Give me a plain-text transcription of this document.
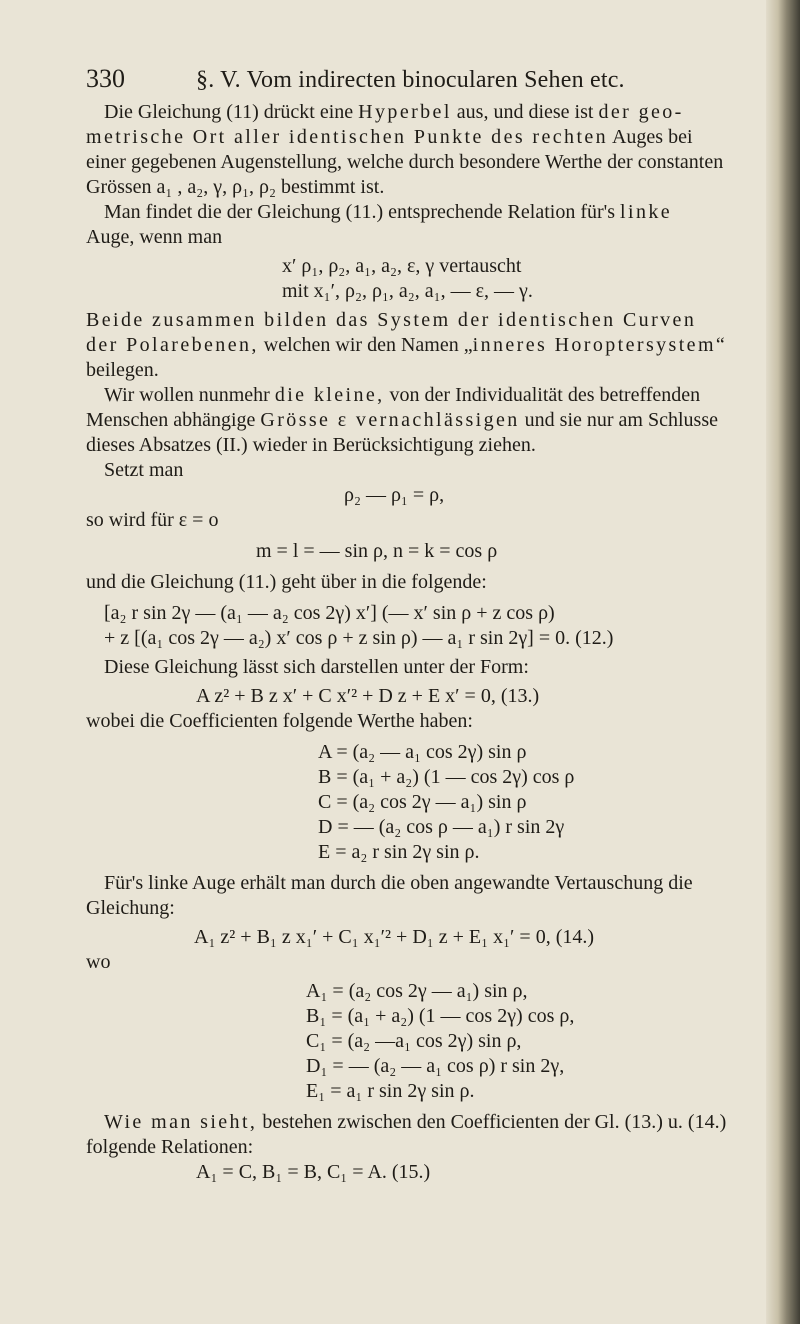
330	§. V. Vom indirecten binocularen Sehen etc.

Die Gleichung (11) drückt eine Hyperbel aus, und diese ist der geo-
metrische Ort aller identischen Punkte des rechten Auges bei
einer gegebenen Augenstellung, welche durch besondere Werthe der constanten
Grössen a₁ , a₂, γ, ρ₁, ρ₂ bestimmt ist.

Man findet die der Gleichung (11.) entsprechende Relation für's linke
Auge, wenn man

x′ ρ₁, ρ₂, a₁, a₂, ε, γ vertauscht

mit x₁′, ρ₂, ρ₁, a₂, a₁, — ε, — γ.

Beide zusammen bilden das System der identischen Curven
der Polarebenen, welchen wir den Namen „inneres Horoptersystem“
beilegen.

Wir wollen nunmehr die kleine, von der Individualität des betreffenden
Menschen abhängige Grösse ε vernachlässigen und sie nur am Schlusse
dieses Absatzes (II.) wieder in Berücksichtigung ziehen.
Setzt man

ρ₂ — ρ₁ = ρ,

so wird für ε = o

m = l = — sin ρ, n = k = cos ρ

und die Gleichung (11.) geht über in die folgende:

[a₂ r sin 2γ — (a₁ — a₂ cos 2γ) x′] (— x′ sin ρ + z cos ρ)

+ z [(a₁ cos 2γ — a₂) x′ cos ρ + z sin ρ) — a₁ r sin 2γ] = 0. (12.)

Diese Gleichung lässt sich darstellen unter der Form:

A z² + B z x′ + C x′² + D z + E x′ = 0, (13.)

wobei die Coefficienten folgende Werthe haben:

A = (a₂ — a₁ cos 2γ) sin ρ

B = (a₁ + a₂) (1 — cos 2γ) cos ρ

C = (a₂ cos 2γ — a₁) sin ρ

D = — (a₂ cos ρ — a₁) r sin 2γ

E = a₂ r sin 2γ sin ρ.

Für's linke Auge erhält man durch die oben angewandte Vertauschung die
Gleichung:

A₁ z² + B₁ z x₁′ + C₁ x₁′² + D₁ z + E₁ x₁′ = 0, (14.)

wo

A₁ = (a₂ cos 2γ — a₁) sin ρ,

B₁ = (a₁ + a₂) (1 — cos 2γ) cos ρ,

C₁ = (a₂ —a₁ cos 2γ) sin ρ,

D₁ = — (a₂ — a₁ cos ρ) r sin 2γ,

E₁ = a₁ r sin 2γ sin ρ.

Wie man sieht, bestehen zwischen den Coefficienten der Gl. (13.) u. (14.)
folgende Relationen:

A₁ = C, B₁ = B, C₁ = A. (15.)
